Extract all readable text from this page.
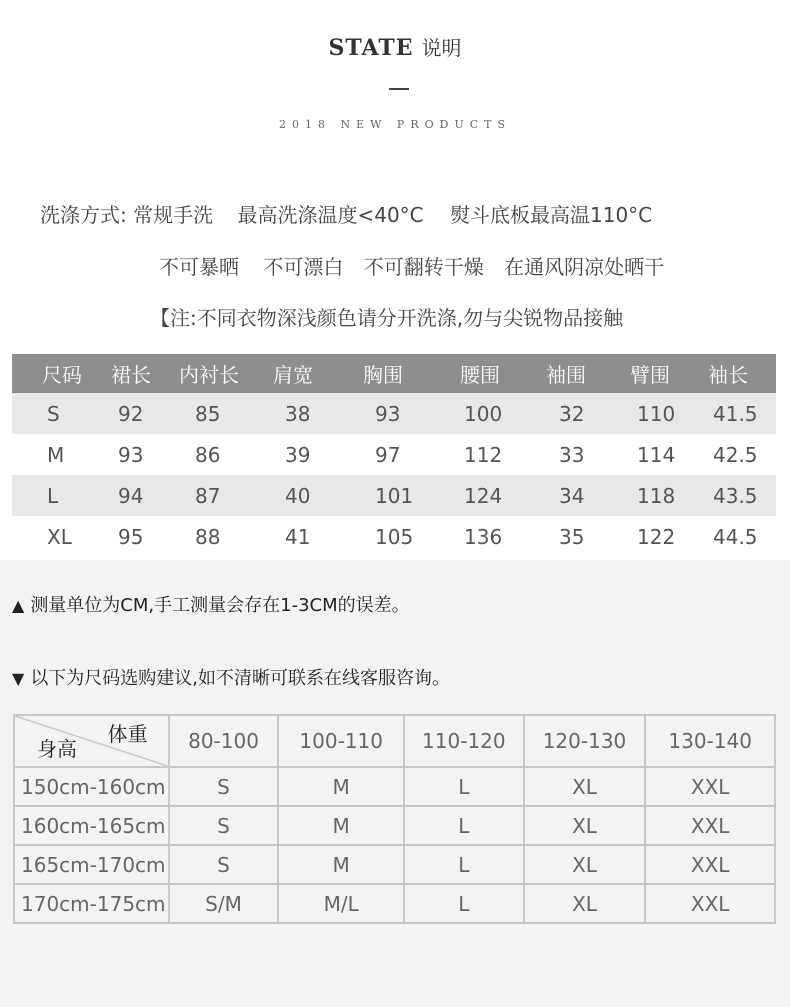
STATE 说明
2018 NEW PRODUCTS
洗涤方式: 常规手洗 最高洗涤温度<40°C 熨斗底板最高温110°C
不可暴晒 不可漂白 不可翻转干燥 在通风阴凉处晒干
【注:不同衣物深浅颜色请分开洗涤,勿与尖锐物品接触
尺码	裙长	内衬长	肩宽	胸围	腰围	袖围	臂围	袖长
S	92	85	38	93	100	32	110	41.5
M	93	86	39	97	112	33	114	42.5
L	94	87	40	101	124	34	118	43.5
XL	95	88	41	105	136	35	122	44.5
▲ 测量单位为CM,手工测量会存在1-3CM的误差。
▼ 以下为尺码选购建议,如不清晰可联系在线客服咨询。
体重
身高	80-100	100-110	110-120	120-130	130-140
150cm-160cm	S	M	L	XL	XXL
160cm-165cm	S	M	L	XL	XXL
165cm-170cm	S	M	L	XL	XXL
170cm-175cm	S/M	M/L	L	XL	XXL
